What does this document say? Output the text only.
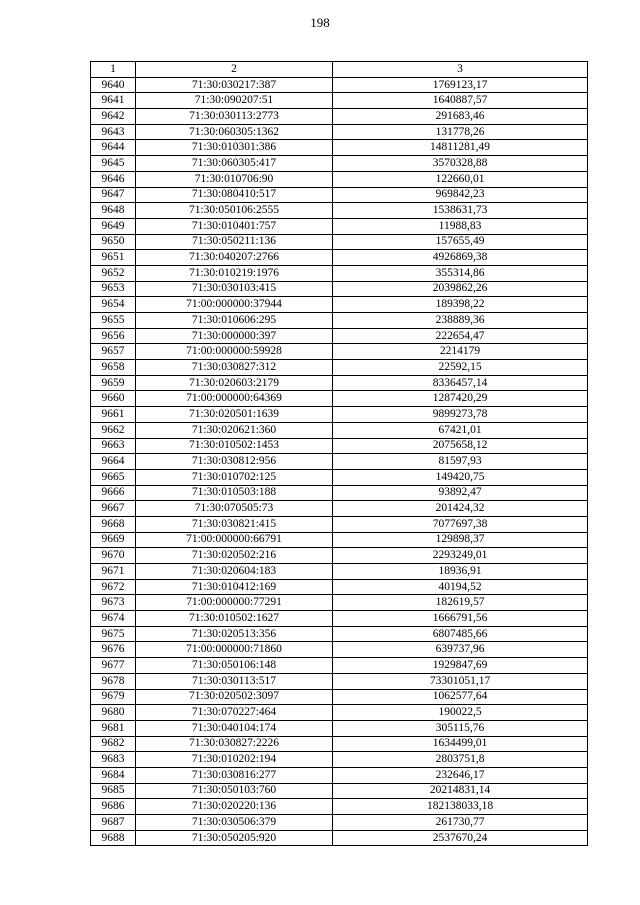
198
1	2	3
9640	71:30:030217:387	1769123,17
9641	71:30:090207:51	1640887,57
9642	71:30:030113:2773	291683,46
9643	71:30:060305:1362	131778,26
9644	71:30:010301:386	14811281,49
9645	71:30:060305:417	3570328,88
9646	71:30:010706:90	122660,01
9647	71:30:080410:517	969842,23
9648	71:30:050106:2555	1538631,73
9649	71:30:010401:757	11988,83
9650	71:30:050211:136	157655,49
9651	71:30:040207:2766	4926869,38
9652	71:30:010219:1976	355314,86
9653	71:30:030103:415	2039862,26
9654	71:00:000000:37944	189398,22
9655	71:30:010606:295	238889,36
9656	71:30:000000:397	222654,47
9657	71:00:000000:59928	2214179
9658	71:30:030827:312	22592,15
9659	71:30:020603:2179	8336457,14
9660	71:00:000000:64369	1287420,29
9661	71:30:020501:1639	9899273,78
9662	71:30:020621:360	67421,01
9663	71:30:010502:1453	2075658,12
9664	71:30:030812:956	81597,93
9665	71:30:010702:125	149420,75
9666	71:30:010503:188	93892,47
9667	71:30:070505:73	201424,32
9668	71:30:030821:415	7077697,38
9669	71:00:000000:66791	129898,37
9670	71:30:020502:216	2293249,01
9671	71:30:020604:183	18936,91
9672	71:30:010412:169	40194,52
9673	71:00:000000:77291	182619,57
9674	71:30:010502:1627	1666791,56
9675	71:30:020513:356	6807485,66
9676	71:00:000000:71860	639737,96
9677	71:30:050106:148	1929847,69
9678	71:30:030113:517	73301051,17
9679	71:30:020502:3097	1062577,64
9680	71:30:070227:464	190022,5
9681	71:30:040104:174	305115,76
9682	71:30:030827:2226	1634499,01
9683	71:30:010202:194	2803751,8
9684	71:30:030816:277	232646,17
9685	71:30:050103:760	20214831,14
9686	71:30:020220:136	182138033,18
9687	71:30:030506:379	261730,77
9688	71:30:050205:920	2537670,24
